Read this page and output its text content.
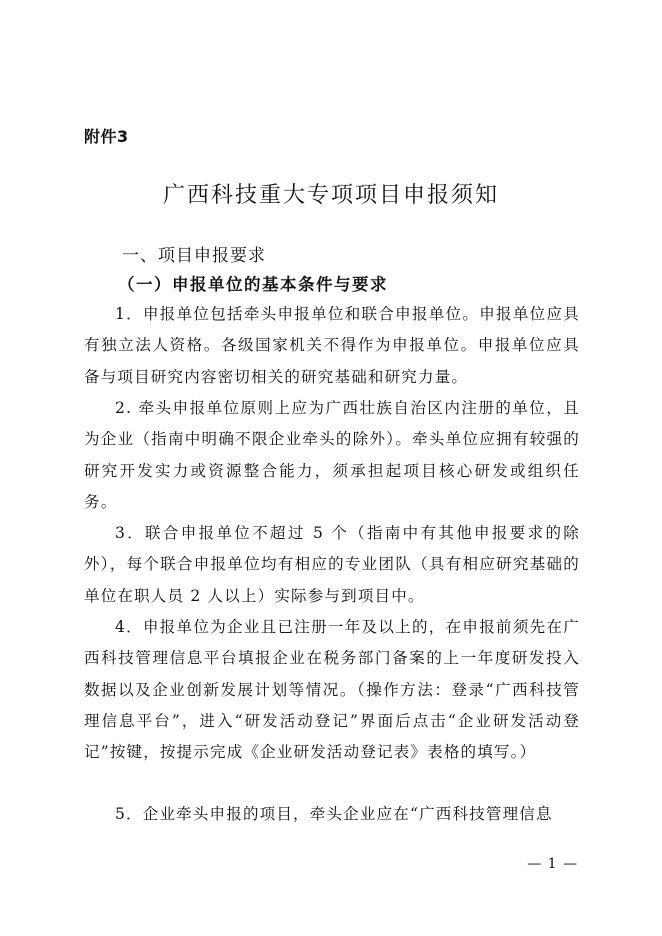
附件3
广西科技重大专项项目申报须知
一、项目申报要求
（一）申报单位的基本条件与要求

1．申报单位包括牵头申报单位和联合申报单位。申报单位应具有独立法人资格。各级国家机关不得作为申报单位。申报单位应具备与项目研究内容密切相关的研究基础和研究力量。

2. 牵头申报单位原则上应为广西壮族自治区内注册的单位，且为企业（指南中明确不限企业牵头的除外）。牵头单位应拥有较强的研究开发实力或资源整合能力，须承担起项目核心研发或组织任务。

3．联合申报单位不超过 5 个（指南中有其他申报要求的除外），每个联合申报单位均有相应的专业团队（具有相应研究基础的单位在职人员 2 人以上）实际参与到项目中。

4．申报单位为企业且已注册一年及以上的，在申报前须先在广西科技管理信息平台填报企业在税务部门备案的上一年度研发投入数据以及企业创新发展计划等情况。（操作方法：登录“广西科技管理信息平台”，进入“研发活动登记”界面后点击“企业研发活动登记”按键，按提示完成《企业研发活动登记表》表格的填写。）

5．企业牵头申报的项目，牵头企业应在“广西科技管理信息

— 1 —
